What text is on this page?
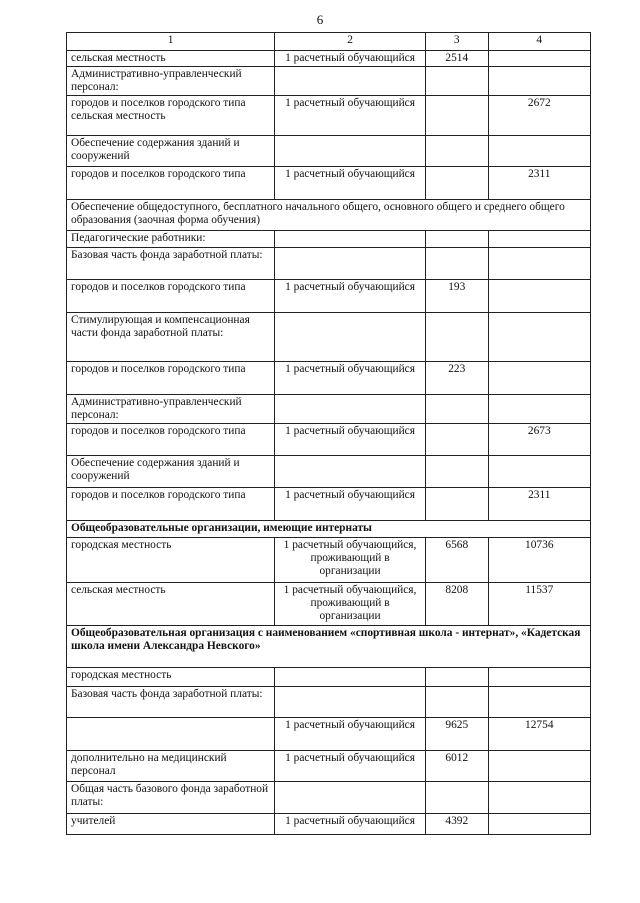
6
1	2	3	4
сельская местность	1 расчетный обучающийся	2514	
Административно-управленческий персонал:			
городов и поселков городского типа сельская местность	1 расчетный обучающийся		2672
Обеспечение содержания зданий и сооружений			
городов и поселков городского типа	1 расчетный обучающийся		2311
Обеспечение общедоступного, бесплатного начального общего, основного общего и среднего общего образования (заочная форма обучения)			
Педагогические работники:			
Базовая часть фонда заработной платы:			
городов и поселков городского типа	1 расчетный обучающийся	193	
Стимулирующая и компенсационная части фонда заработной платы:			
городов и поселков городского типа	1 расчетный обучающийся	223	
Административно-управленческий персонал:			
городов и поселков городского типа	1 расчетный обучающийся		2673
Обеспечение содержания зданий и сооружений			
городов и поселков городского типа	1 расчетный обучающийся		2311
Общеобразовательные организации, имеющие интернаты			
городская местность	1 расчетный обучающийся, проживающий в организации	6568	10736
сельская местность	1 расчетный обучающийся, проживающий в организации	8208	11537
Общеобразовательная организация с наименованием «спортивная школа - интернат», «Кадетская школа имени Александра Невского»			
городская местность			
Базовая часть фонда заработной платы:			
	1 расчетный обучающийся	9625	12754
дополнительно на медицинский персонал	1 расчетный обучающийся	6012	
Общая часть базового фонда заработной платы:			
учителей	1 расчетный обучающийся	4392	
